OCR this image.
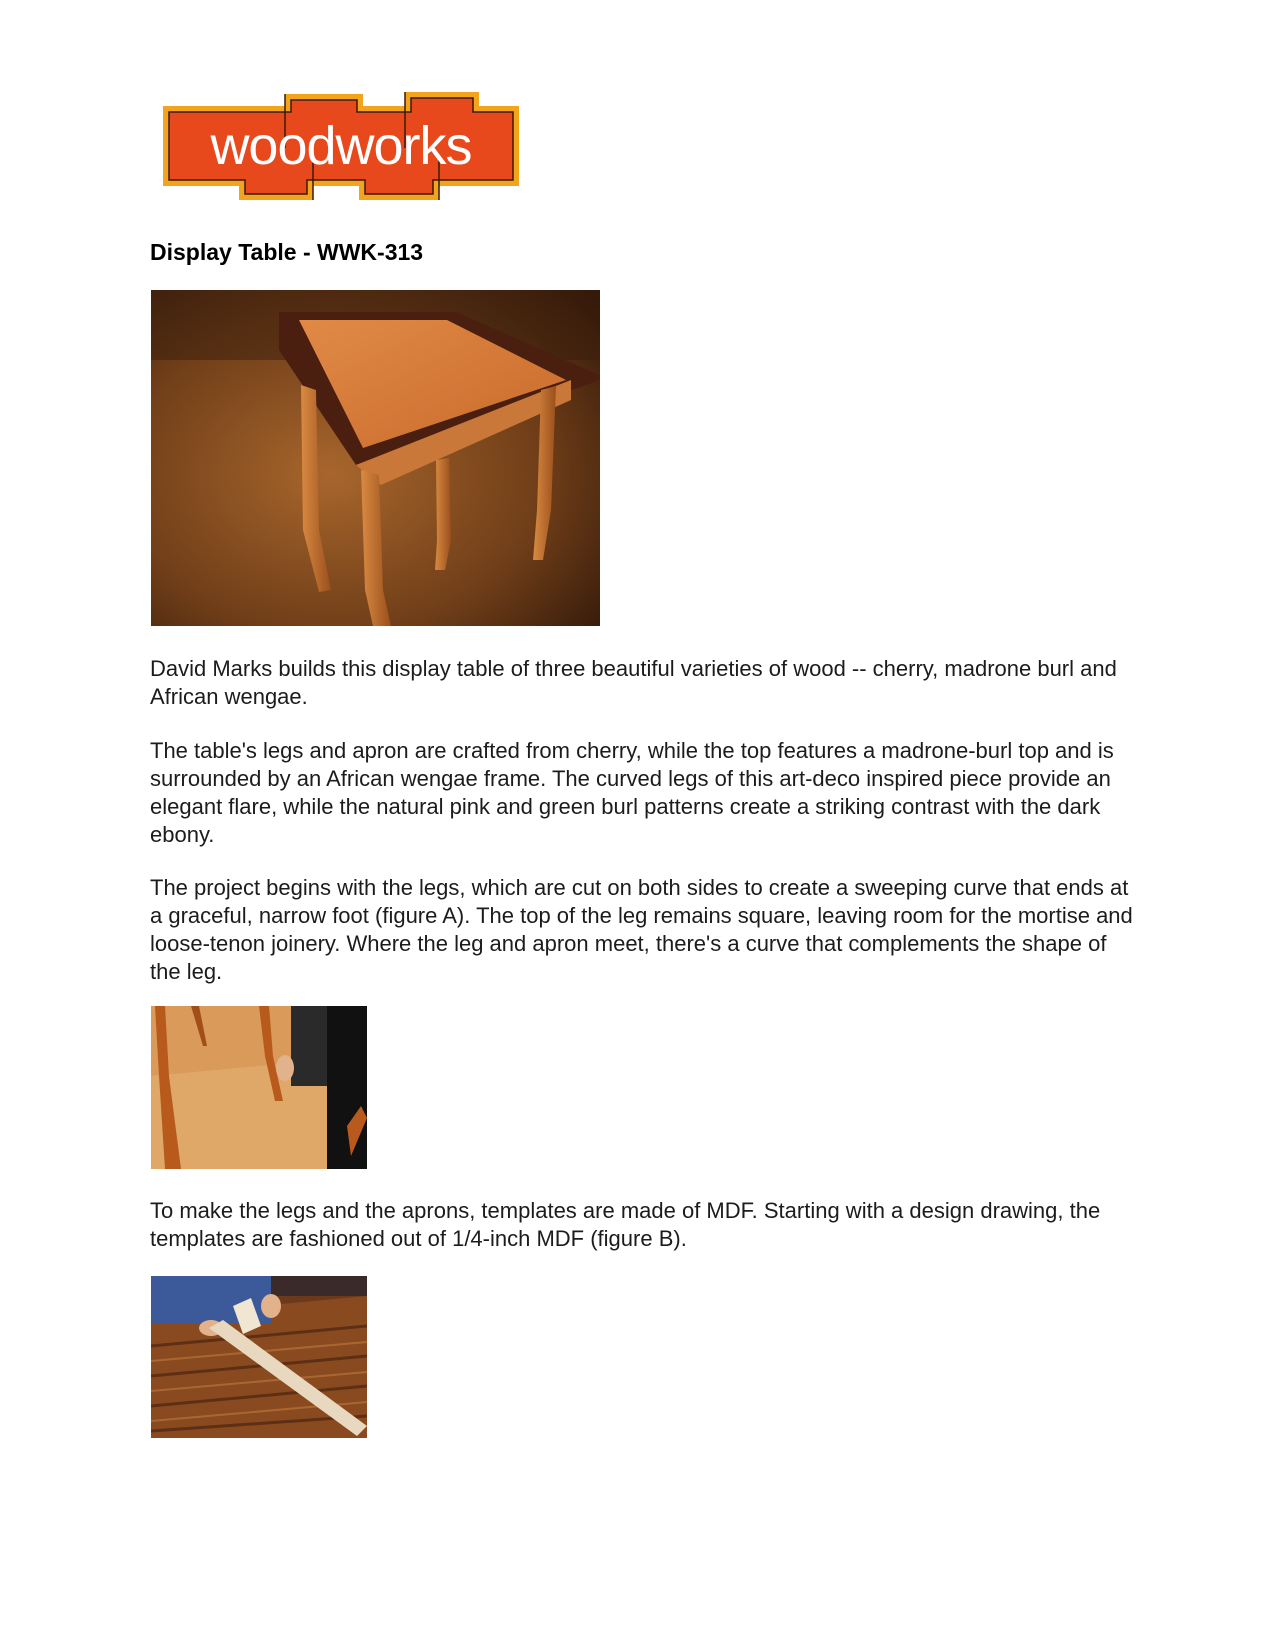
woodworks
Display Table - WWK-313

David Marks builds this display table of three beautiful varieties of wood -- cherry, madrone burl and African wengae.

The table's legs and apron are crafted from cherry, while the top features a madrone-burl top and is surrounded by an African wengae frame. The curved legs of this art-deco inspired piece provide an elegant flare, while the natural pink and green burl patterns create a striking contrast with the dark ebony.

The project begins with the legs, which are cut on both sides to create a sweeping curve that ends at a graceful, narrow foot (figure A). The top of the leg remains square, leaving room for the mortise and loose-tenon joinery. Where the leg and apron meet, there's a curve that complements the shape of the leg.

To make the legs and the aprons, templates are made of MDF. Starting with a design drawing, the templates are fashioned out of 1/4-inch MDF (figure B).
